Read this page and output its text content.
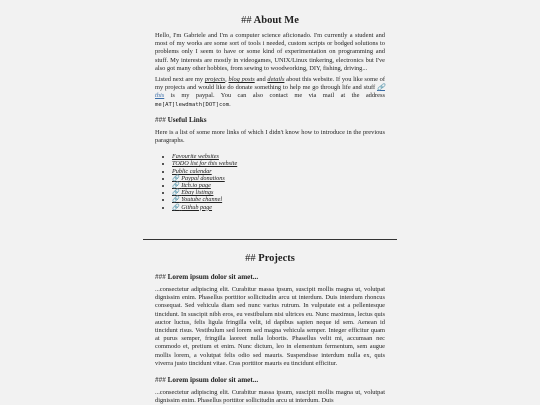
## About Me

Hello, I'm Gabriele and I'm a computer science aficionado. I'm currently a student and most of my works are some sort of tools i needed, custom scripts or bodged solutions to problems only I seem to have or some kind of experimentation on programming and stuff. My interests are mostly in videogames, UNIX/Linux tinkering, electronics but I've also got many other hobbies, from sewing to woodworking, DIY, fishing, driving...

Listed next are my projects, blog posts and details about this website. If you like some of my projects and would like do donate something to help me go through life and stuff 🔗 this is my paypal. You can also contact me via mail at the address me[AT]lewdmath[DOT]com.

### Useful Links

Here is a list of some more links of which I didn't know how to introduce in the previous paragraphs.

• Favourite websites
• TODO list for this website
• Public calendar
• 🔗 Paypal donations
• 🔗 Itch.io page
• 🔗 Ebay listings
• 🔗 Youtube channel
• 🔗 Github page
## Projects
### Lorem ipsum dolor sit amet...

...consectetur adipiscing elit. Curabitur massa ipsum, suscipit mollis magna ut, volutpat dignissim enim. Phasellus porttitor sollicitudin arcu ut interdum. Duis interdum rhoncus consequat. Sed vehicula diam sed nunc varius rutrum. In vulputate est a pellentesque tincidunt. In suscipit nibh eros, eu vestibulum nisi ultrices eu. Nunc maximus, lectus quis auctor luctus, felis ligula fringilla velit, id dapibus sapien neque id sem. Aenean id tincidunt risus. Vestibulum sed lorem sed magna vehicula semper. Integer efficitur quam at purus semper, fringilla laoreet nulla lobortis. Phasellus velit mi, accumsan nec commodo et, pretium et enim. Nunc dictum, leo in elementum fermentum, sem augue mollis lorem, a volutpat felis odio sed mauris. Suspendisse interdum nulla ex, quis viverra justo tincidunt vitae. Cras porttitor mauris eu tincidunt efficitur.

### Lorem ipsum dolor sit amet...

...consectetur adipiscing elit. Curabitur massa ipsum, suscipit mollis magna ut, volutpat dignissim enim. Phasellus porttitor sollicitudin arcu ut interdum. Duis
